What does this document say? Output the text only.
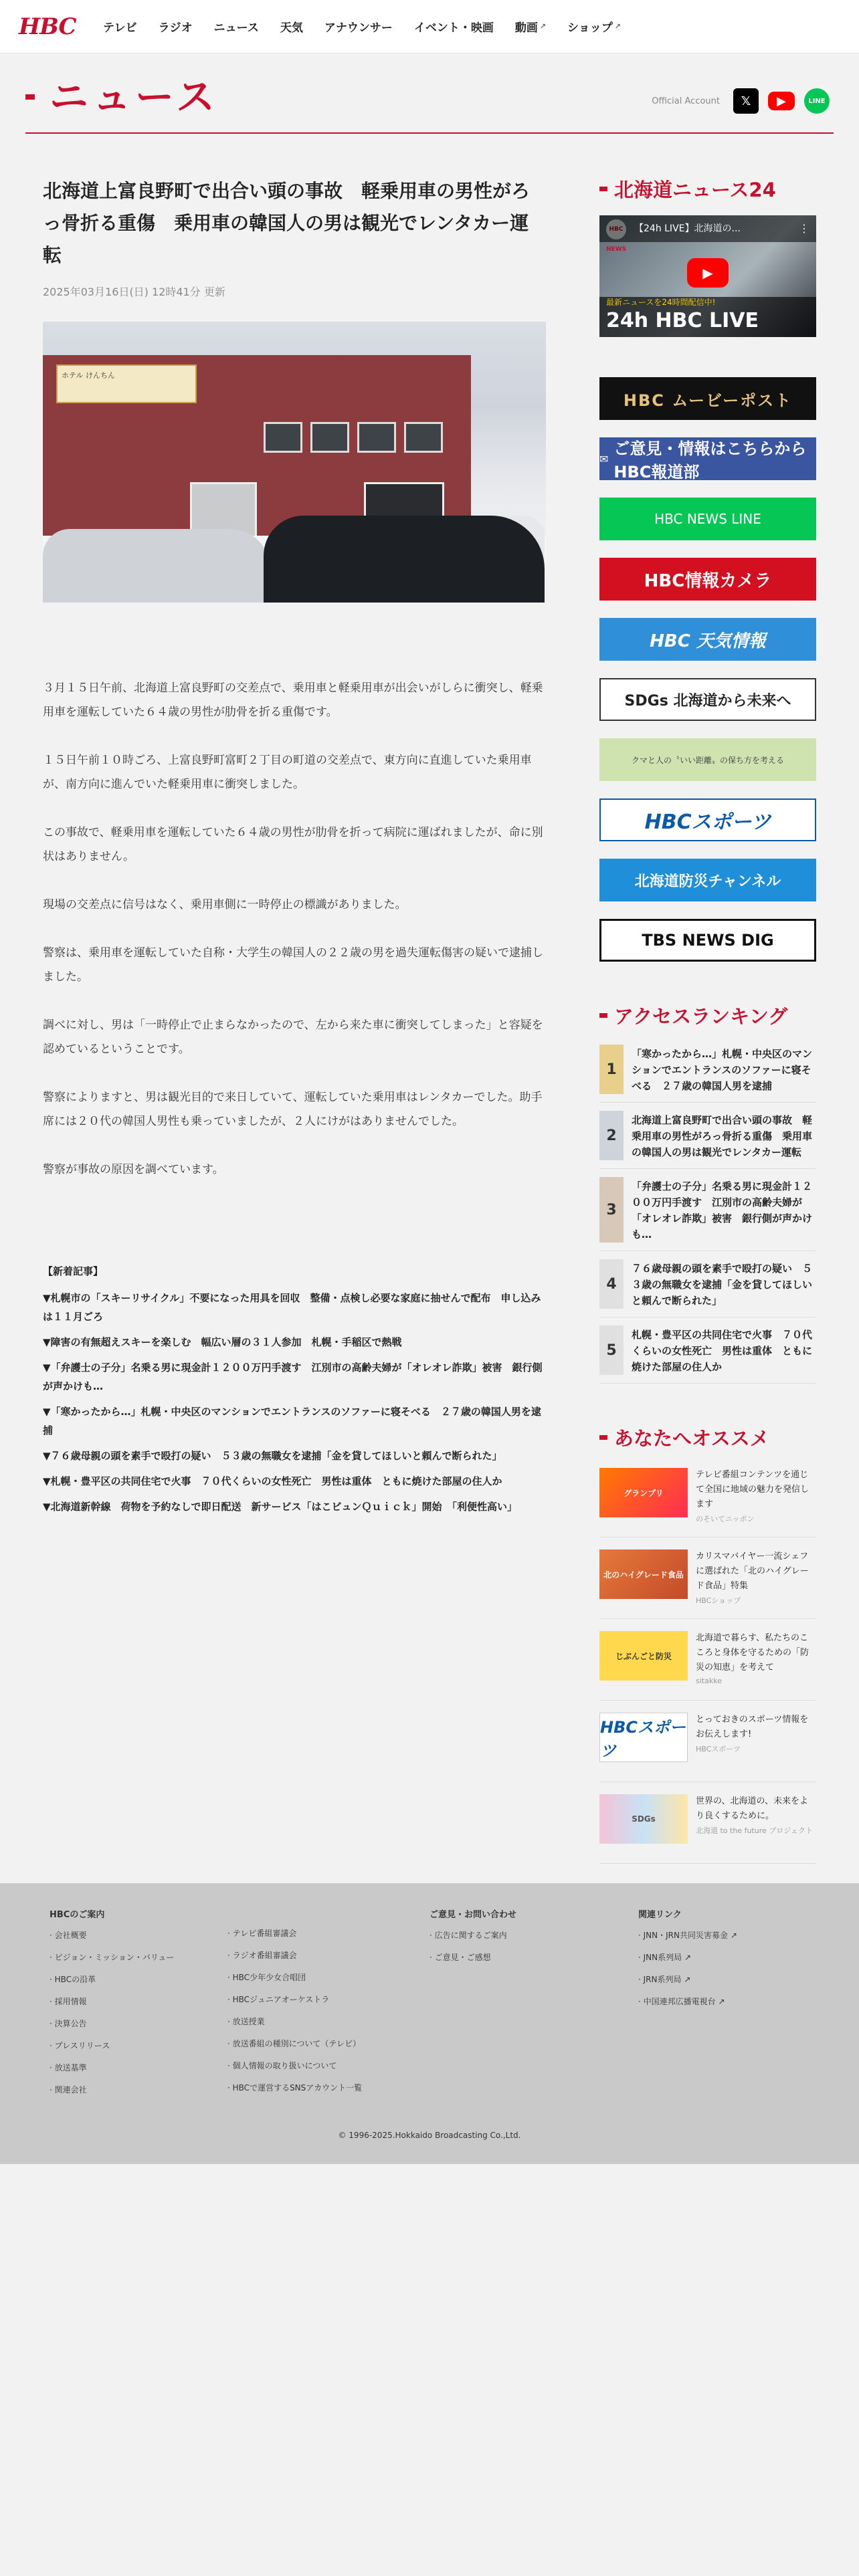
HBC	テレビ ラジオ ニュース 天気 アナウンサー イベント・映画 動画 ↗ ショップ ↗
ニュース	Official Account	𝕏	▶	LINE
北海道上富良野町で出合い頭の事故　軽乗用車の男性がろっ骨折る重傷　乗用車の韓国人の男は観光でレンタカー運転
2025年03月16日(日) 12時41分 更新
ホテル けんちん

３月１５日午前、北海道上富良野町の交差点で、乗用車と軽乗用車が出会いがしらに衝突し、軽乗用車を運転していた６４歳の男性が肋骨を折る重傷です。

１５日午前１０時ごろ、上富良野町富町２丁目の町道の交差点で、東方向に直進していた乗用車が、南方向に進んでいた軽乗用車に衝突しました。

この事故で、軽乗用車を運転していた６４歳の男性が肋骨を折って病院に運ばれましたが、命に別状はありません。

現場の交差点に信号はなく、乗用車側に一時停止の標識がありました。

警察は、乗用車を運転していた自称・大学生の韓国人の２２歳の男を過失運転傷害の疑いで逮捕しました。

調べに対し、男は「一時停止で止まらなかったので、左から来た車に衝突してしまった」と容疑を認めているということです。

警察によりますと、男は観光目的で来日していて、運転していた乗用車はレンタカーでした。助手席には２０代の韓国人男性も乗っていましたが、２人にけがはありませんでした。

警察が事故の原因を調べています。

【新着記事】
▼札幌市の「スキーリサイクル」不要になった用具を回収　整備・点検し必要な家庭に抽せんで配布　申し込みは１１月ごろ
▼障害の有無超えスキーを楽しむ　幅広い層の３１人参加　札幌・手稲区で熱戦
▼「弁護士の子分」名乗る男に現金計１２００万円手渡す　江別市の高齢夫婦が「オレオレ詐欺」被害　銀行側が声かけも…
▼「寒かったから…」札幌・中央区のマンションでエントランスのソファーに寝そべる　２７歳の韓国人男を逮捕
▼７６歳母親の頭を素手で殴打の疑い　５３歳の無職女を逮捕「金を貸してほしいと頼んで断られた」
▼札幌・豊平区の共同住宅で火事　７０代くらいの女性死亡　男性は重体　ともに焼けた部屋の住人か
▼北海道新幹線　荷物を予約なしで即日配送　新サービス「はこビュンＱｕｉｃｋ」開始　「利便性高い」
北海道ニュース24
NEWS
【24h LIVE】北海道の...	⋮
▶
最新ニュースを24時間配信中!
24h HBC LIVE
HBC ムービーポスト
✉
ご意見・情報はこちらから HBC報道部
HBC NEWS LINE
HBC情報カメラ
HBC 天気情報
SDGs 北海道から未来へ
クマと人の〝いい距離〟の保ち方を考える
HBCスポーツ
北海道防災チャンネル
TBS NEWS DIG
アクセスランキング
1
「寒かったから…」札幌・中央区のマンションでエントランスのソファーに寝そべる　２７歳の韓国人男を逮捕
2
北海道上富良野町で出合い頭の事故　軽乗用車の男性がろっ骨折る重傷　乗用車の韓国人の男は観光でレンタカー運転
3
「弁護士の子分」名乗る男に現金計１２００万円手渡す　江別市の高齢夫婦が「オレオレ詐欺」被害　銀行側が声かけも…
4
７６歳母親の頭を素手で殴打の疑い　５３歳の無職女を逮捕「金を貸してほしいと頼んで断られた」
5
札幌・豊平区の共同住宅で火事　７０代くらいの女性死亡　男性は重体　ともに焼けた部屋の住人か
あなたへオススメ
グランプリ
テレビ番組コンテンツを通じて全国に地域の魅力を発信します
のそいてニッポン
北のハイグレード食品
カリスマバイヤー一流シェフに選ばれた「北のハイグレード食品」特集
HBCショップ
じぶんごと防災
北海道で暮らす、私たちのこころと身体を守るための「防災の知恵」を考えて
sitakke
HBCスポーツ
とっておきのスポーツ情報をお伝えします!
HBCスポーツ
SDGs
世界の、北海道の、未来をより良くするために。
北海道 to the future プロジェクト
HBCのご案内
· 会社概要
· ビジョン・ミッション・バリュー
· HBCの沿革
· 採用情報
· 決算公告
· プレスリリース
· 放送基準
· 関連会社
· テレビ番組審議会
· ラジオ番組審議会
· HBC少年少女合唱団
· HBCジュニアオーケストラ
· 放送授業
· 放送番組の種別について（テレビ）
· 個人情報の取り扱いについて
· HBCで運営するSNSアカウント一覧
ご意見・お問い合わせ
· 広告に関するご案内
· ご意見・ご感想
関連リンク
· JNN・JRN共同災害募金 ↗
· JNN系列局 ↗
· JRN系列局 ↗
· 中国連邦広播電視台 ↗
© 1996-2025.Hokkaido Broadcasting Co.,Ltd.
